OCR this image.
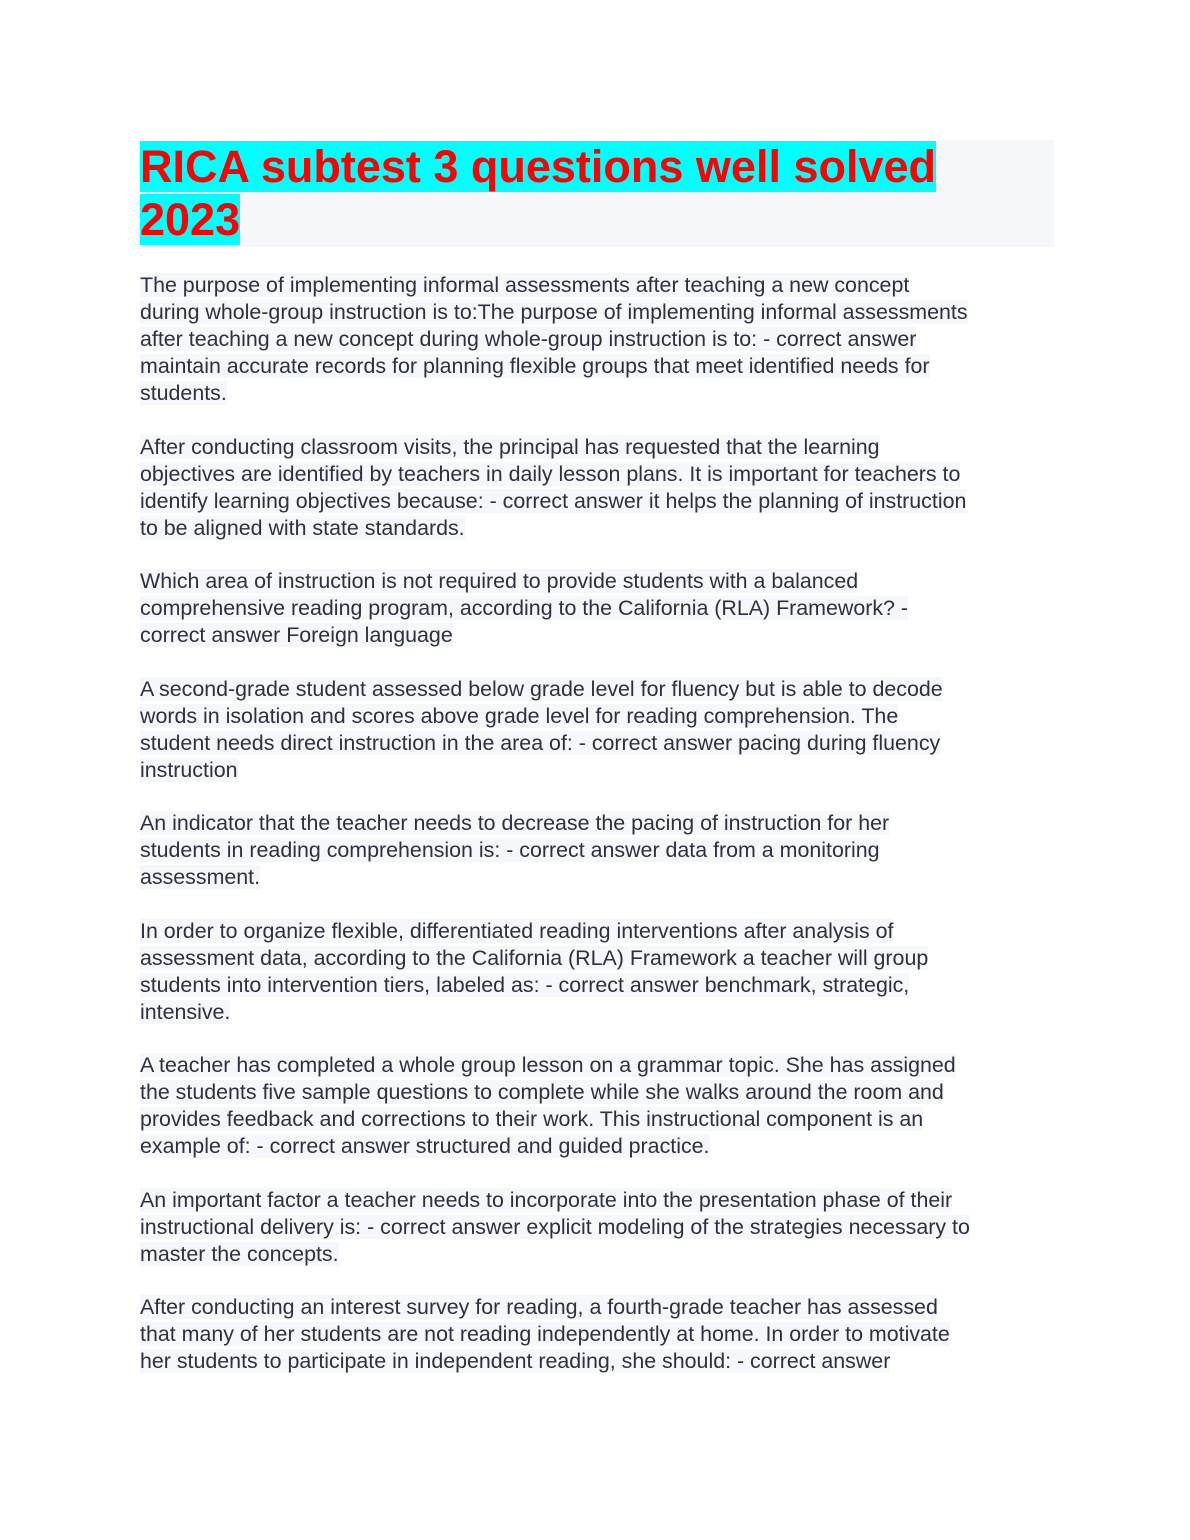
RICA subtest 3 questions well solved
2023

The purpose of implementing informal assessments after teaching a new concept
during whole-group instruction is to:The purpose of implementing informal assessments
after teaching a new concept during whole-group instruction is to: - correct answer
maintain accurate records for planning flexible groups that meet identified needs for
students.

After conducting classroom visits, the principal has requested that the learning
objectives are identified by teachers in daily lesson plans. It is important for teachers to
identify learning objectives because: - correct answer it helps the planning of instruction
to be aligned with state standards.

Which area of instruction is not required to provide students with a balanced
comprehensive reading program, according to the California (RLA) Framework? -
correct answer Foreign language

A second-grade student assessed below grade level for fluency but is able to decode
words in isolation and scores above grade level for reading comprehension. The
student needs direct instruction in the area of: - correct answer pacing during fluency
instruction

An indicator that the teacher needs to decrease the pacing of instruction for her
students in reading comprehension is: - correct answer data from a monitoring
assessment.

In order to organize flexible, differentiated reading interventions after analysis of
assessment data, according to the California (RLA) Framework a teacher will group
students into intervention tiers, labeled as: - correct answer benchmark, strategic,
intensive.

A teacher has completed a whole group lesson on a grammar topic. She has assigned
the students five sample questions to complete while she walks around the room and
provides feedback and corrections to their work. This instructional component is an
example of: - correct answer structured and guided practice.

An important factor a teacher needs to incorporate into the presentation phase of their
instructional delivery is: - correct answer explicit modeling of the strategies necessary to
master the concepts.

After conducting an interest survey for reading, a fourth-grade teacher has assessed
that many of her students are not reading independently at home. In order to motivate
her students to participate in independent reading, she should: - correct answer
